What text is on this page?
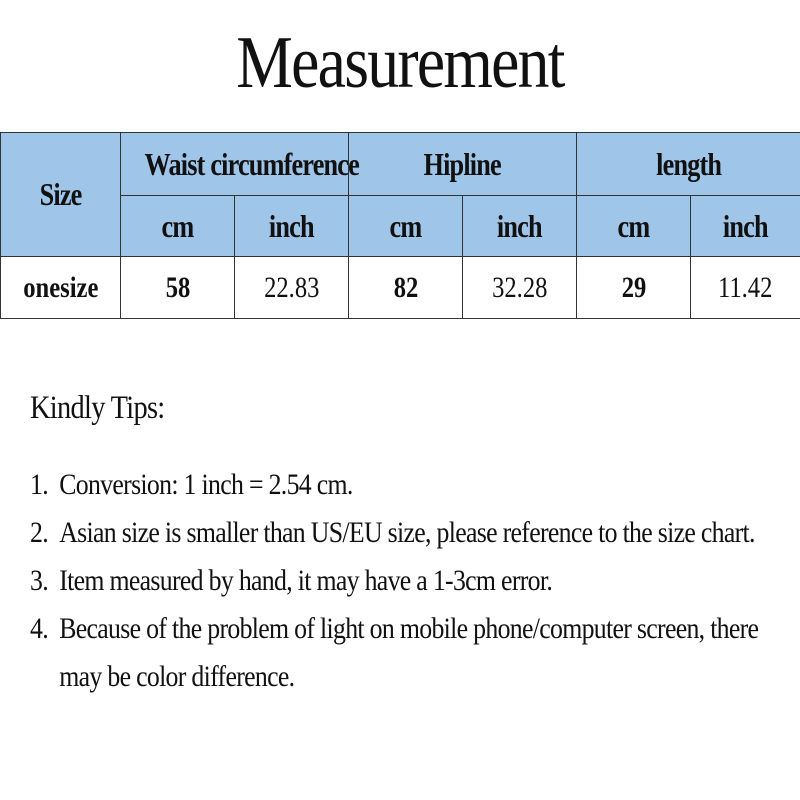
Measurement
Size	Waist circumference		Hipline		length	
	cm	inch	cm	inch	cm	inch
onesize	58	22.83	82	32.28	29	11.42
Kindly Tips:
1. Conversion: 1 inch = 2.54 cm.
2. Asian size is smaller than US/EU size, please reference to the size chart.
3. Item measured by hand, it may have a 1-3cm error.
4. Because of the problem of light on mobile phone/computer screen, there may be color difference.
